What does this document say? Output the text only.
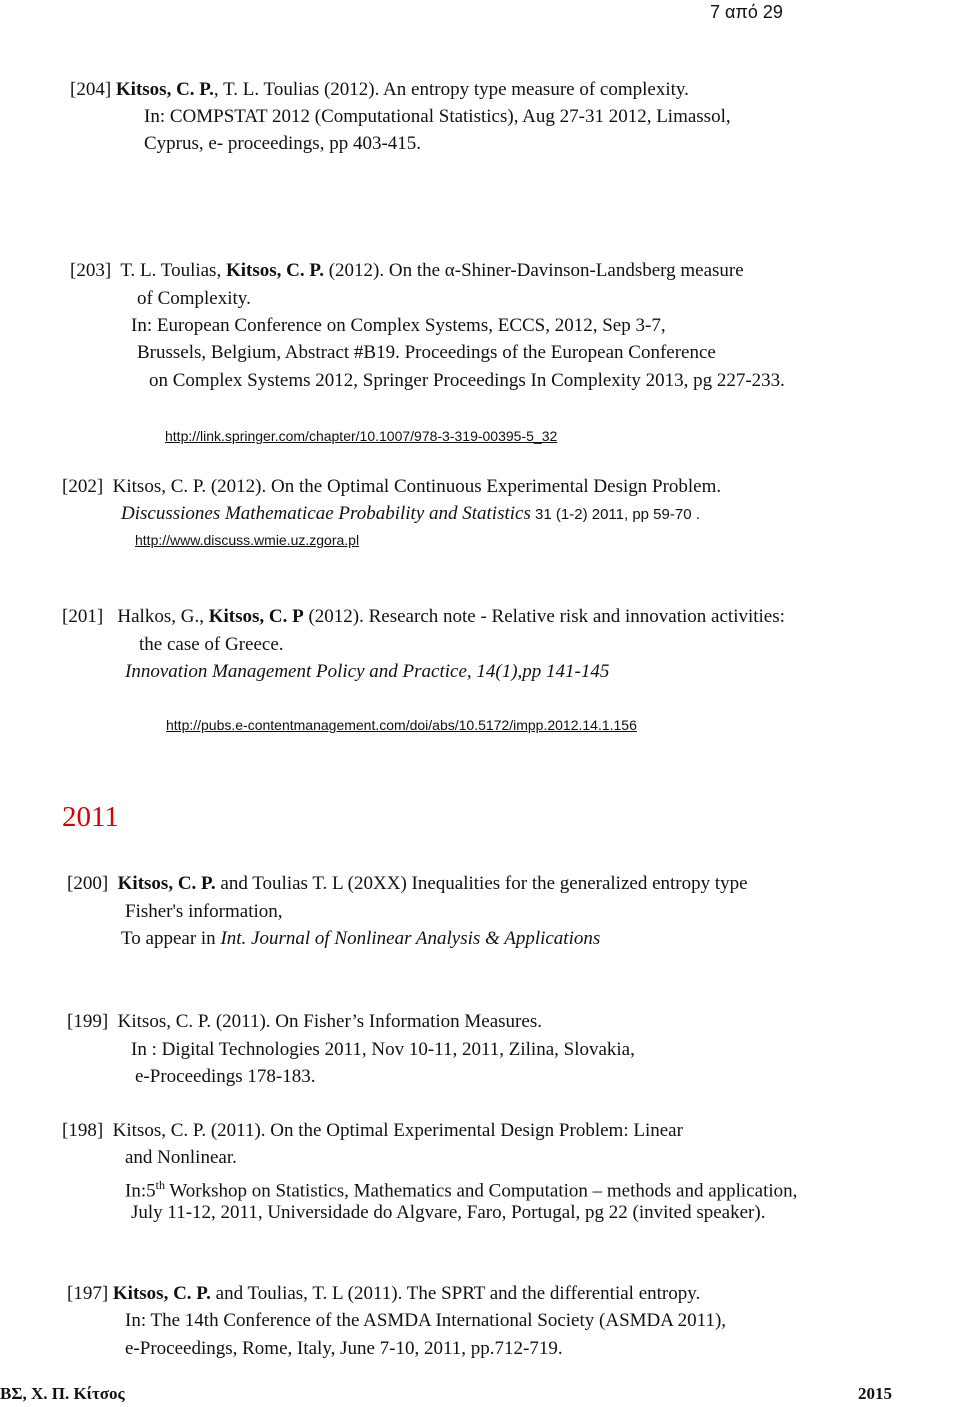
7 από 29
[204] Kitsos, C. P., T. L. Toulias (2012). An entropy type measure of complexity.
In: COMPSTAT 2012 (Computational Statistics), Aug 27-31 2012, Limassol,
Cyprus, e- proceedings, pp 403-415.
[203] T. L. Toulias, Kitsos, C. P. (2012). On the α-Shiner-Davinson-Landsberg measure
of Complexity.
In: European Conference on Complex Systems, ECCS, 2012, Sep 3-7,
Brussels, Belgium, Abstract #B19. Proceedings of the European Conference
on Complex Systems 2012, Springer Proceedings In Complexity 2013, pg 227-233.
http://link.springer.com/chapter/10.1007/978-3-319-00395-5_32
[202] Kitsos, C. P. (2012). On the Optimal Continuous Experimental Design Problem.
Discussiones Mathematicae Probability and Statistics 31 (1-2) 2011, pp 59-70 .
http://www.discuss.wmie.uz.zgora.pl
[201] Halkos, G., Kitsos, C. P (2012). Research note - Relative risk and innovation activities:
the case of Greece.
Innovation Management Policy and Practice, 14(1),pp 141-145
http://pubs.e-contentmanagement.com/doi/abs/10.5172/impp.2012.14.1.156
2011
[200] Kitsos, C. P. and Toulias T. L (20XX) Inequalities for the generalized entropy type
Fisher's information,
To appear in Int. Journal of Nonlinear Analysis & Applications
[199] Kitsos, C. P. (2011). On Fisher’s Information Measures.
In : Digital Technologies 2011, Nov 10-11, 2011, Zilina, Slovakia,
e-Proceedings 178-183.
[198] Kitsos, C. P. (2011). On the Optimal Experimental Design Problem: Linear
and Nonlinear.
In:5th Workshop on Statistics, Mathematics and Computation – methods and application,
July 11-12, 2011, Universidade do Algvare, Faro, Portugal, pg 22 (invited speaker).
[197] Kitsos, C. P. and Toulias, T. L (2011). The SPRT and the differential entropy.
In: The 14th Conference of the ASMDA International Society (ASMDA 2011),
e-Proceedings, Rome, Italy, June 7-10, 2011, pp.712-719.
ΒΣ, Χ. Π. Κίτσος	2015
